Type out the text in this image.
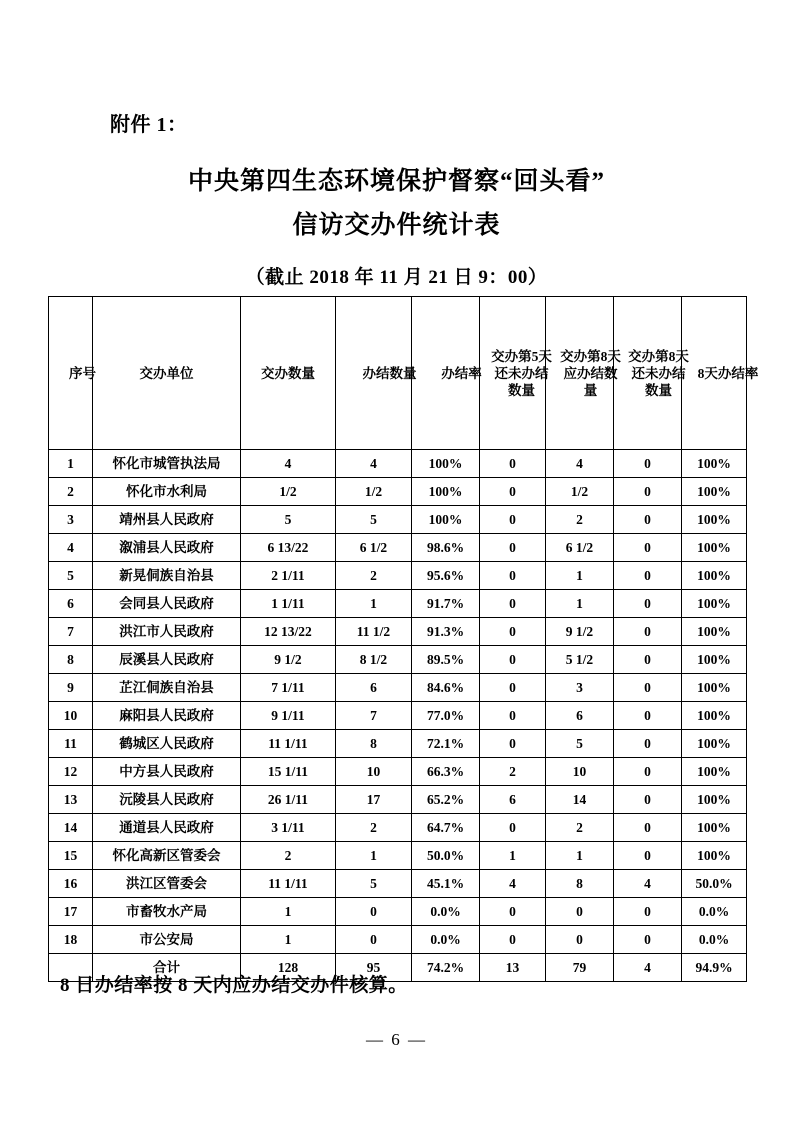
附件 1：
中央第四生态环境保护督察“回头看”
信访交办件统计表
（截止 2018 年 11 月 21 日 9：00）
序号	交办单位	交办数量	办结数量	办结率	交办第5天还未办结数量	交办第8天应办结数量	交办第8天还未办结数量	8天办结率

1	怀化市城管执法局	4	4	100%	0	4	0	100%
2	怀化市水利局	1/2	1/2	100%	0	1/2	0	100%
3	靖州县人民政府	5	5	100%	0	2	0	100%
4	溆浦县人民政府	6 13/22	6 1/2	98.6%	0	6 1/2	0	100%
5	新晃侗族自治县	2 1/11	2	95.6%	0	1	0	100%
6	会同县人民政府	1 1/11	1	91.7%	0	1	0	100%
7	洪江市人民政府	12 13/22	11 1/2	91.3%	0	9 1/2	0	100%
8	辰溪县人民政府	9 1/2	8 1/2	89.5%	0	5 1/2	0	100%
9	芷江侗族自治县	7 1/11	6	84.6%	0	3	0	100%
10	麻阳县人民政府	9 1/11	7	77.0%	0	6	0	100%
11	鹤城区人民政府	11 1/11	8	72.1%	0	5	0	100%
12	中方县人民政府	15 1/11	10	66.3%	2	10	0	100%
13	沅陵县人民政府	26 1/11	17	65.2%	6	14	0	100%
14	通道县人民政府	3 1/11	2	64.7%	0	2	0	100%
15	怀化高新区管委会	2	1	50.0%	1	1	0	100%
16	洪江区管委会	11 1/11	5	45.1%	4	8	4	50.0%
17	市畜牧水产局	1	0	0.0%	0	0	0	0.0%
18	市公安局	1	0	0.0%	0	0	0	0.0%
	合计	128	95	74.2%	13	79	4	94.9%
8 日办结率按 8 天内应办结交办件核算。
— 6 —
